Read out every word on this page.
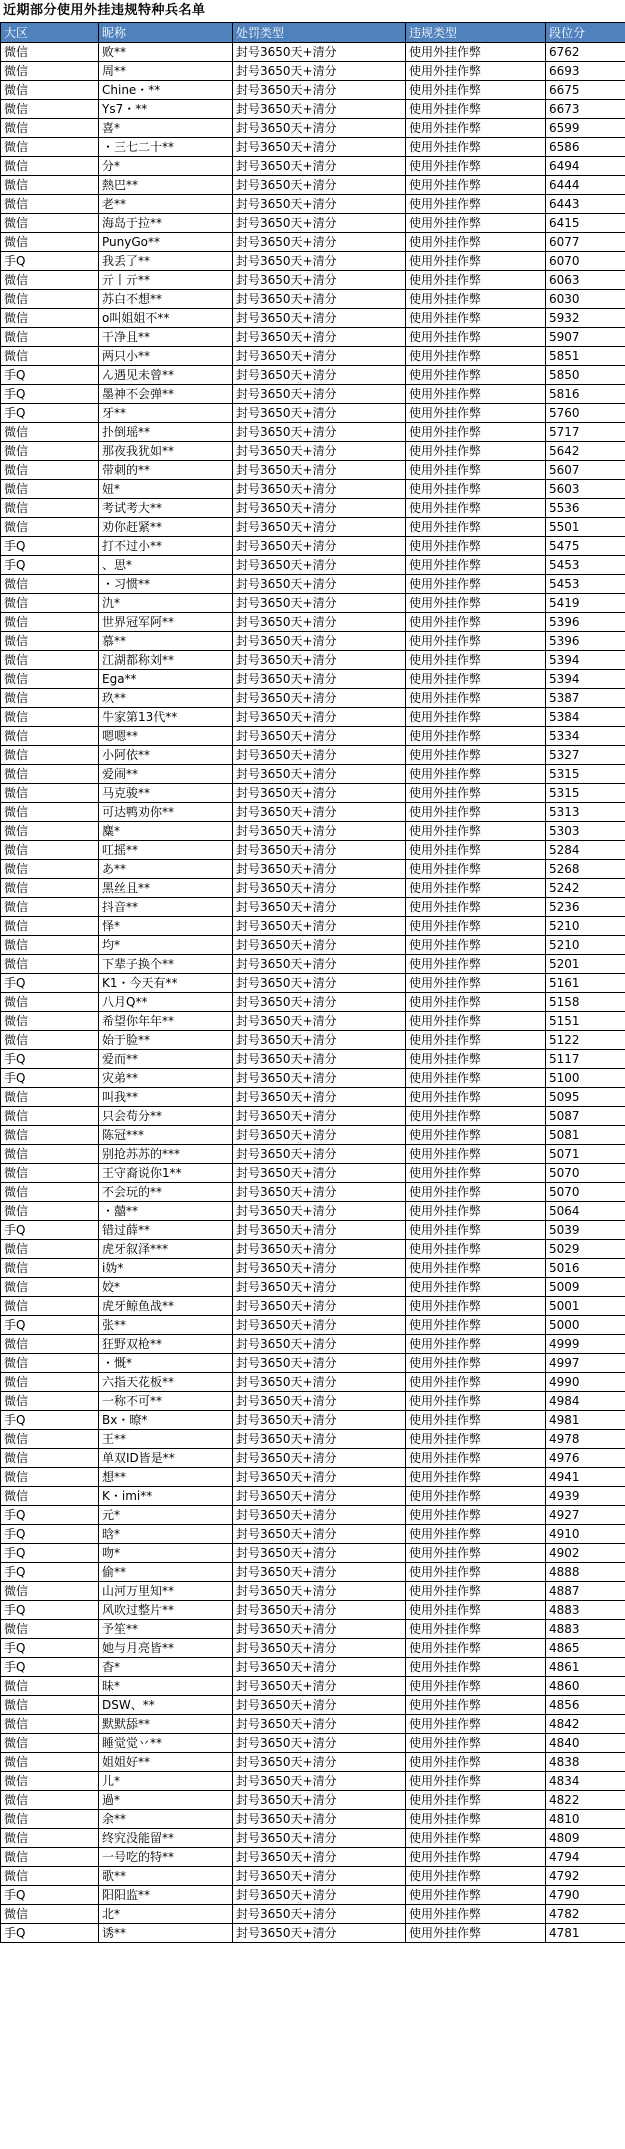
近期部分使用外挂违规特种兵名单
大区	昵称	处罚类型	违规类型	段位分
微信	败**	封号3650天+清分	使用外挂作弊	6762
微信	周**	封号3650天+清分	使用外挂作弊	6693
微信	Chine・**	封号3650天+清分	使用外挂作弊	6675
微信	Ys7・**	封号3650天+清分	使用外挂作弊	6673
微信	喜*	封号3650天+清分	使用外挂作弊	6599
微信	・三七二十**	封号3650天+清分	使用外挂作弊	6586
微信	分*	封号3650天+清分	使用外挂作弊	6494
微信	熱巴**	封号3650天+清分	使用外挂作弊	6444
微信	老**	封号3650天+清分	使用外挂作弊	6443
微信	海岛于拉**	封号3650天+清分	使用外挂作弊	6415
微信	PunyGo**	封号3650天+清分	使用外挂作弊	6077
手Q	我丢了**	封号3650天+清分	使用外挂作弊	6070
微信	亓丨亓**	封号3650天+清分	使用外挂作弊	6063
微信	苏白不想**	封号3650天+清分	使用外挂作弊	6030
微信	o叫姐姐不**	封号3650天+清分	使用外挂作弊	5932
微信	干净且**	封号3650天+清分	使用外挂作弊	5907
微信	两只小**	封号3650天+清分	使用外挂作弊	5851
手Q	ん遇见未曾**	封号3650天+清分	使用外挂作弊	5850
手Q	墨神不会弹**	封号3650天+清分	使用外挂作弊	5816
手Q	牙**	封号3650天+清分	使用外挂作弊	5760
微信	扑倒瑶**	封号3650天+清分	使用外挂作弊	5717
微信	那夜我犹如**	封号3650天+清分	使用外挂作弊	5642
微信	带刺的**	封号3650天+清分	使用外挂作弊	5607
微信	妞*	封号3650天+清分	使用外挂作弊	5603
微信	考试考大**	封号3650天+清分	使用外挂作弊	5536
微信	劝你赶紧**	封号3650天+清分	使用外挂作弊	5501
手Q	打不过小**	封号3650天+清分	使用外挂作弊	5475
手Q	、思*	封号3650天+清分	使用外挂作弊	5453
微信	・习惯**	封号3650天+清分	使用外挂作弊	5453
微信	氿*	封号3650天+清分	使用外挂作弊	5419
微信	世界冠军阿**	封号3650天+清分	使用外挂作弊	5396
微信	慕**	封号3650天+清分	使用外挂作弊	5396
微信	江湖都称刘**	封号3650天+清分	使用外挂作弊	5394
微信	Ega**	封号3650天+清分	使用外挂作弊	5394
微信	玖**	封号3650天+清分	使用外挂作弊	5387
微信	牛家第13代**	封号3650天+清分	使用外挂作弊	5384
微信	嗯嗯**	封号3650天+清分	使用外挂作弊	5334
微信	小阿依**	封号3650天+清分	使用外挂作弊	5327
微信	爱闹**	封号3650天+清分	使用外挂作弊	5315
微信	马克骏**	封号3650天+清分	使用外挂作弊	5315
微信	可达鸭劝你**	封号3650天+清分	使用外挂作弊	5313
微信	麋*	封号3650天+清分	使用外挂作弊	5303
微信	叿摇**	封号3650天+清分	使用外挂作弊	5284
微信	あ**	封号3650天+清分	使用外挂作弊	5268
微信	黑丝且**	封号3650天+清分	使用外挂作弊	5242
微信	抖音**	封号3650天+清分	使用外挂作弊	5236
微信	怿*	封号3650天+清分	使用外挂作弊	5210
微信	均*	封号3650天+清分	使用外挂作弊	5210
微信	下辈子换个**	封号3650天+清分	使用外挂作弊	5201
手Q	K1・今天有**	封号3650天+清分	使用外挂作弊	5161
微信	八月Q**	封号3650天+清分	使用外挂作弊	5158
微信	希望你年年**	封号3650天+清分	使用外挂作弊	5151
微信	始于脸**	封号3650天+清分	使用外挂作弊	5122
手Q	爱而**	封号3650天+清分	使用外挂作弊	5117
手Q	灾弟**	封号3650天+清分	使用外挂作弊	5100
微信	叫我**	封号3650天+清分	使用外挂作弊	5095
微信	只会苟分**	封号3650天+清分	使用外挂作弊	5087
微信	陈冠***	封号3650天+清分	使用外挂作弊	5081
微信	别抢苏苏的***	封号3650天+清分	使用外挂作弊	5071
微信	王守裔说你1**	封号3650天+清分	使用外挂作弊	5070
微信	不会玩的**	封号3650天+清分	使用外挂作弊	5070
微信	・囍**	封号3650天+清分	使用外挂作弊	5064
手Q	错过薛**	封号3650天+清分	使用外挂作弊	5039
微信	虎牙叙泽***	封号3650天+清分	使用外挂作弊	5029
微信	i妫*	封号3650天+清分	使用外挂作弊	5016
微信	姣*	封号3650天+清分	使用外挂作弊	5009
微信	虎牙鲸鱼战**	封号3650天+清分	使用外挂作弊	5001
手Q	张**	封号3650天+清分	使用外挂作弊	5000
微信	狂野双枪**	封号3650天+清分	使用外挂作弊	4999
微信	・慨*	封号3650天+清分	使用外挂作弊	4997
微信	六指天花板**	封号3650天+清分	使用外挂作弊	4990
微信	一称不可**	封号3650天+清分	使用外挂作弊	4984
手Q	Bx・暸*	封号3650天+清分	使用外挂作弊	4981
微信	王**	封号3650天+清分	使用外挂作弊	4978
微信	单双ID皆是**	封号3650天+清分	使用外挂作弊	4976
微信	想**	封号3650天+清分	使用外挂作弊	4941
微信	K・imi**	封号3650天+清分	使用外挂作弊	4939
手Q	元*	封号3650天+清分	使用外挂作弊	4927
手Q	晗*	封号3650天+清分	使用外挂作弊	4910
手Q	吻*	封号3650天+清分	使用外挂作弊	4902
手Q	偷**	封号3650天+清分	使用外挂作弊	4888
微信	山河万里知**	封号3650天+清分	使用外挂作弊	4887
手Q	风吹过整片**	封号3650天+清分	使用外挂作弊	4883
微信	予笙**	封号3650天+清分	使用外挂作弊	4883
手Q	她与月亮皆**	封号3650天+清分	使用外挂作弊	4865
手Q	杳*	封号3650天+清分	使用外挂作弊	4861
微信	昧*	封号3650天+清分	使用外挂作弊	4860
微信	DSW、**	封号3650天+清分	使用外挂作弊	4856
微信	默默舔**	封号3650天+清分	使用外挂作弊	4842
微信	睡觉觉丷**	封号3650天+清分	使用外挂作弊	4840
微信	姐姐好**	封号3650天+清分	使用外挂作弊	4838
微信	儿*	封号3650天+清分	使用外挂作弊	4834
微信	過*	封号3650天+清分	使用外挂作弊	4822
微信	余**	封号3650天+清分	使用外挂作弊	4810
微信	终究没能留**	封号3650天+清分	使用外挂作弊	4809
微信	一号吃的特**	封号3650天+清分	使用外挂作弊	4794
微信	歌**	封号3650天+清分	使用外挂作弊	4792
手Q	阳阳监**	封号3650天+清分	使用外挂作弊	4790
微信	北*	封号3650天+清分	使用外挂作弊	4782
手Q	诱**	封号3650天+清分	使用外挂作弊	4781
